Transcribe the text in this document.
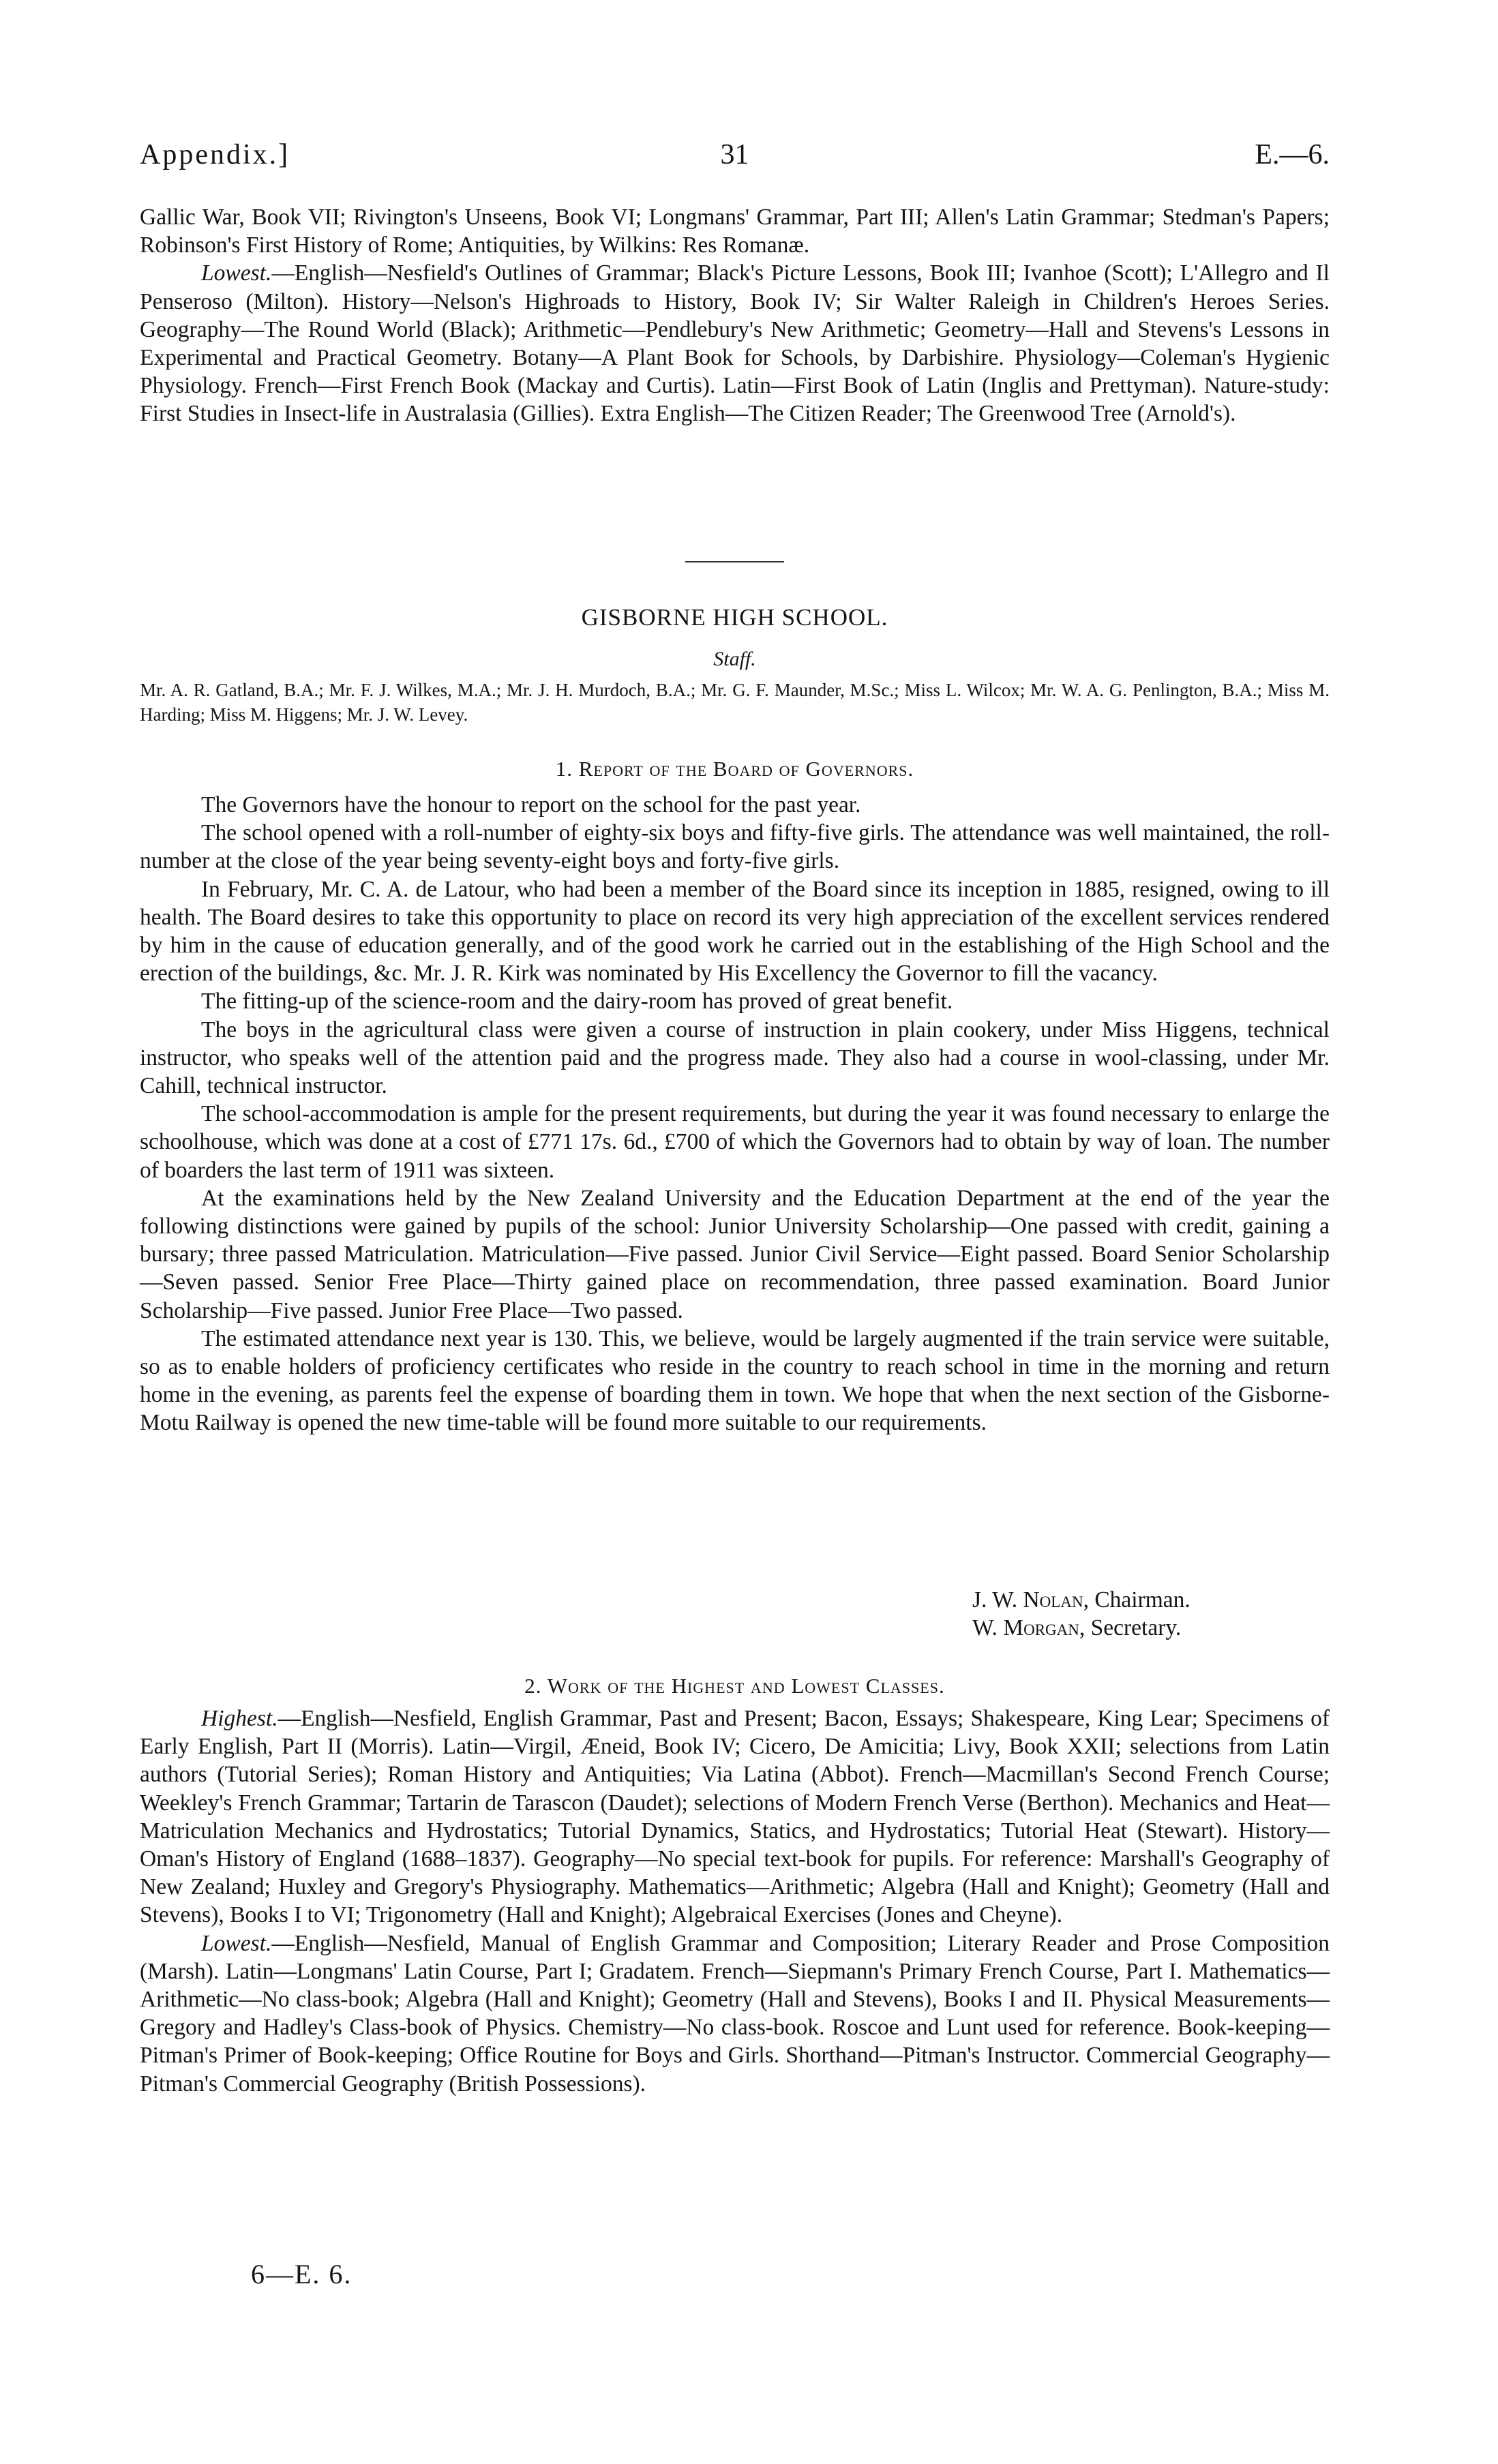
Appendix.]	31	E.—6.

Gallic War, Book VII; Rivington's Unseens, Book VI; Longmans' Grammar, Part III; Allen's Latin Grammar; Stedman's Papers; Robinson's First History of Rome; Antiquities, by Wilkins: Res Romanæ.

Lowest.—English—Nesfield's Outlines of Grammar; Black's Picture Lessons, Book III; Ivanhoe (Scott); L'Allegro and Il Penseroso (Milton). History—Nelson's Highroads to History, Book IV; Sir Walter Raleigh in Children's Heroes Series. Geography—The Round World (Black); Arithmetic—Pendlebury's New Arithmetic; Geometry—Hall and Stevens's Lessons in Experimental and Practical Geometry. Botany—A Plant Book for Schools, by Darbishire. Physiology—Coleman's Hygienic Physiology. French—First French Book (Mackay and Curtis). Latin—First Book of Latin (Inglis and Prettyman). Nature-study: First Studies in Insect-life in Australasia (Gillies). Extra English—The Citizen Reader; The Greenwood Tree (Arnold's).

GISBORNE HIGH SCHOOL.
Staff.

Mr. A. R. Gatland, B.A.; Mr. F. J. Wilkes, M.A.; Mr. J. H. Murdoch, B.A.; Mr. G. F. Maunder, M.Sc.; Miss L. Wilcox; Mr. W. A. G. Penlington, B.A.; Miss M. Harding; Miss M. Higgens; Mr. J. W. Levey.

1. Report of the Board of Governors.

The Governors have the honour to report on the school for the past year.

The school opened with a roll-number of eighty-six boys and fifty-five girls. The attendance was well maintained, the roll-number at the close of the year being seventy-eight boys and forty-five girls.

In February, Mr. C. A. de Latour, who had been a member of the Board since its inception in 1885, resigned, owing to ill health. The Board desires to take this opportunity to place on record its very high appreciation of the excellent services rendered by him in the cause of education generally, and of the good work he carried out in the establishing of the High School and the erection of the buildings, &c. Mr. J. R. Kirk was nominated by His Excellency the Governor to fill the vacancy.

The fitting-up of the science-room and the dairy-room has proved of great benefit.

The boys in the agricultural class were given a course of instruction in plain cookery, under Miss Higgens, technical instructor, who speaks well of the attention paid and the progress made. They also had a course in wool-classing, under Mr. Cahill, technical instructor.

The school-accommodation is ample for the present requirements, but during the year it was found necessary to enlarge the schoolhouse, which was done at a cost of £771 17s. 6d., £700 of which the Governors had to obtain by way of loan. The number of boarders the last term of 1911 was sixteen.

At the examinations held by the New Zealand University and the Education Department at the end of the year the following distinctions were gained by pupils of the school: Junior University Scholarship—One passed with credit, gaining a bursary; three passed Matriculation. Matriculation—Five passed. Junior Civil Service—Eight passed. Board Senior Scholarship—Seven passed. Senior Free Place—Thirty gained place on recommendation, three passed examination. Board Junior Scholarship—Five passed. Junior Free Place—Two passed.

The estimated attendance next year is 130. This, we believe, would be largely augmented if the train service were suitable, so as to enable holders of proficiency certificates who reside in the country to reach school in time in the morning and return home in the evening, as parents feel the expense of boarding them in town. We hope that when the next section of the Gisborne-Motu Railway is opened the new time-table will be found more suitable to our requirements.

J. W. Nolan, Chairman.
W. Morgan, Secretary.
2. Work of the Highest and Lowest Classes.

Highest.—English—Nesfield, English Grammar, Past and Present; Bacon, Essays; Shakespeare, King Lear; Specimens of Early English, Part II (Morris). Latin—Virgil, Æneid, Book IV; Cicero, De Amicitia; Livy, Book XXII; selections from Latin authors (Tutorial Series); Roman History and Antiquities; Via Latina (Abbot). French—Macmillan's Second French Course; Weekley's French Grammar; Tartarin de Tarascon (Daudet); selections of Modern French Verse (Berthon). Mechanics and Heat—Matriculation Mechanics and Hydrostatics; Tutorial Dynamics, Statics, and Hydrostatics; Tutorial Heat (Stewart). History—Oman's History of England (1688–1837). Geography—No special text-book for pupils. For reference: Marshall's Geography of New Zealand; Huxley and Gregory's Physiography. Mathematics—Arithmetic; Algebra (Hall and Knight); Geometry (Hall and Stevens), Books I to VI; Trigonometry (Hall and Knight); Algebraical Exercises (Jones and Cheyne).

Lowest.—English—Nesfield, Manual of English Grammar and Composition; Literary Reader and Prose Composition (Marsh). Latin—Longmans' Latin Course, Part I; Gradatem. French—Siepmann's Primary French Course, Part I. Mathematics—Arithmetic—No class-book; Algebra (Hall and Knight); Geometry (Hall and Stevens), Books I and II. Physical Measurements—Gregory and Hadley's Class-book of Physics. Chemistry—No class-book. Roscoe and Lunt used for reference. Book-keeping—Pitman's Primer of Book-keeping; Office Routine for Boys and Girls. Shorthand—Pitman's Instructor. Commercial Geography—Pitman's Commercial Geography (British Possessions).

6—E. 6.
